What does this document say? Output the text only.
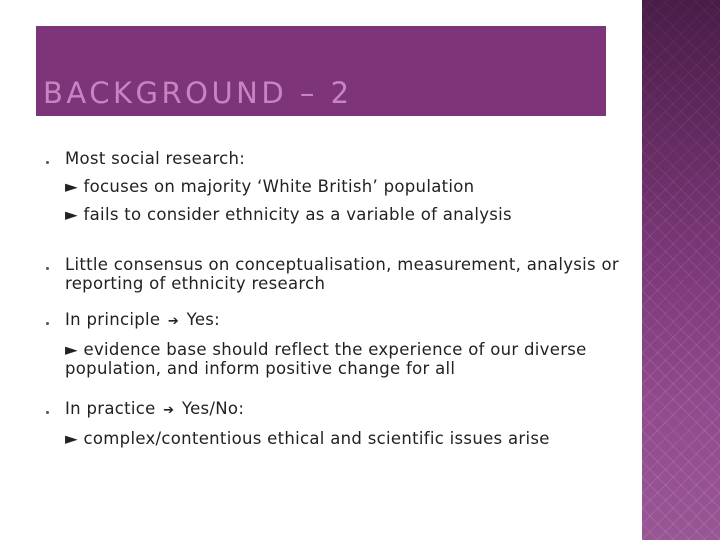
BACKGROUND – 2
Most social research:
► focuses on majority ‘White British’ population
► fails to consider ethnicity as a variable of analysis
Little consensus on conceptualisation, measurement, analysis or reporting of ethnicity research
In principle ➔ Yes:
► evidence base should reflect the experience of our diverse population, and inform positive change for all
In practice ➔ Yes/No:
► complex/contentious ethical and scientific issues arise
